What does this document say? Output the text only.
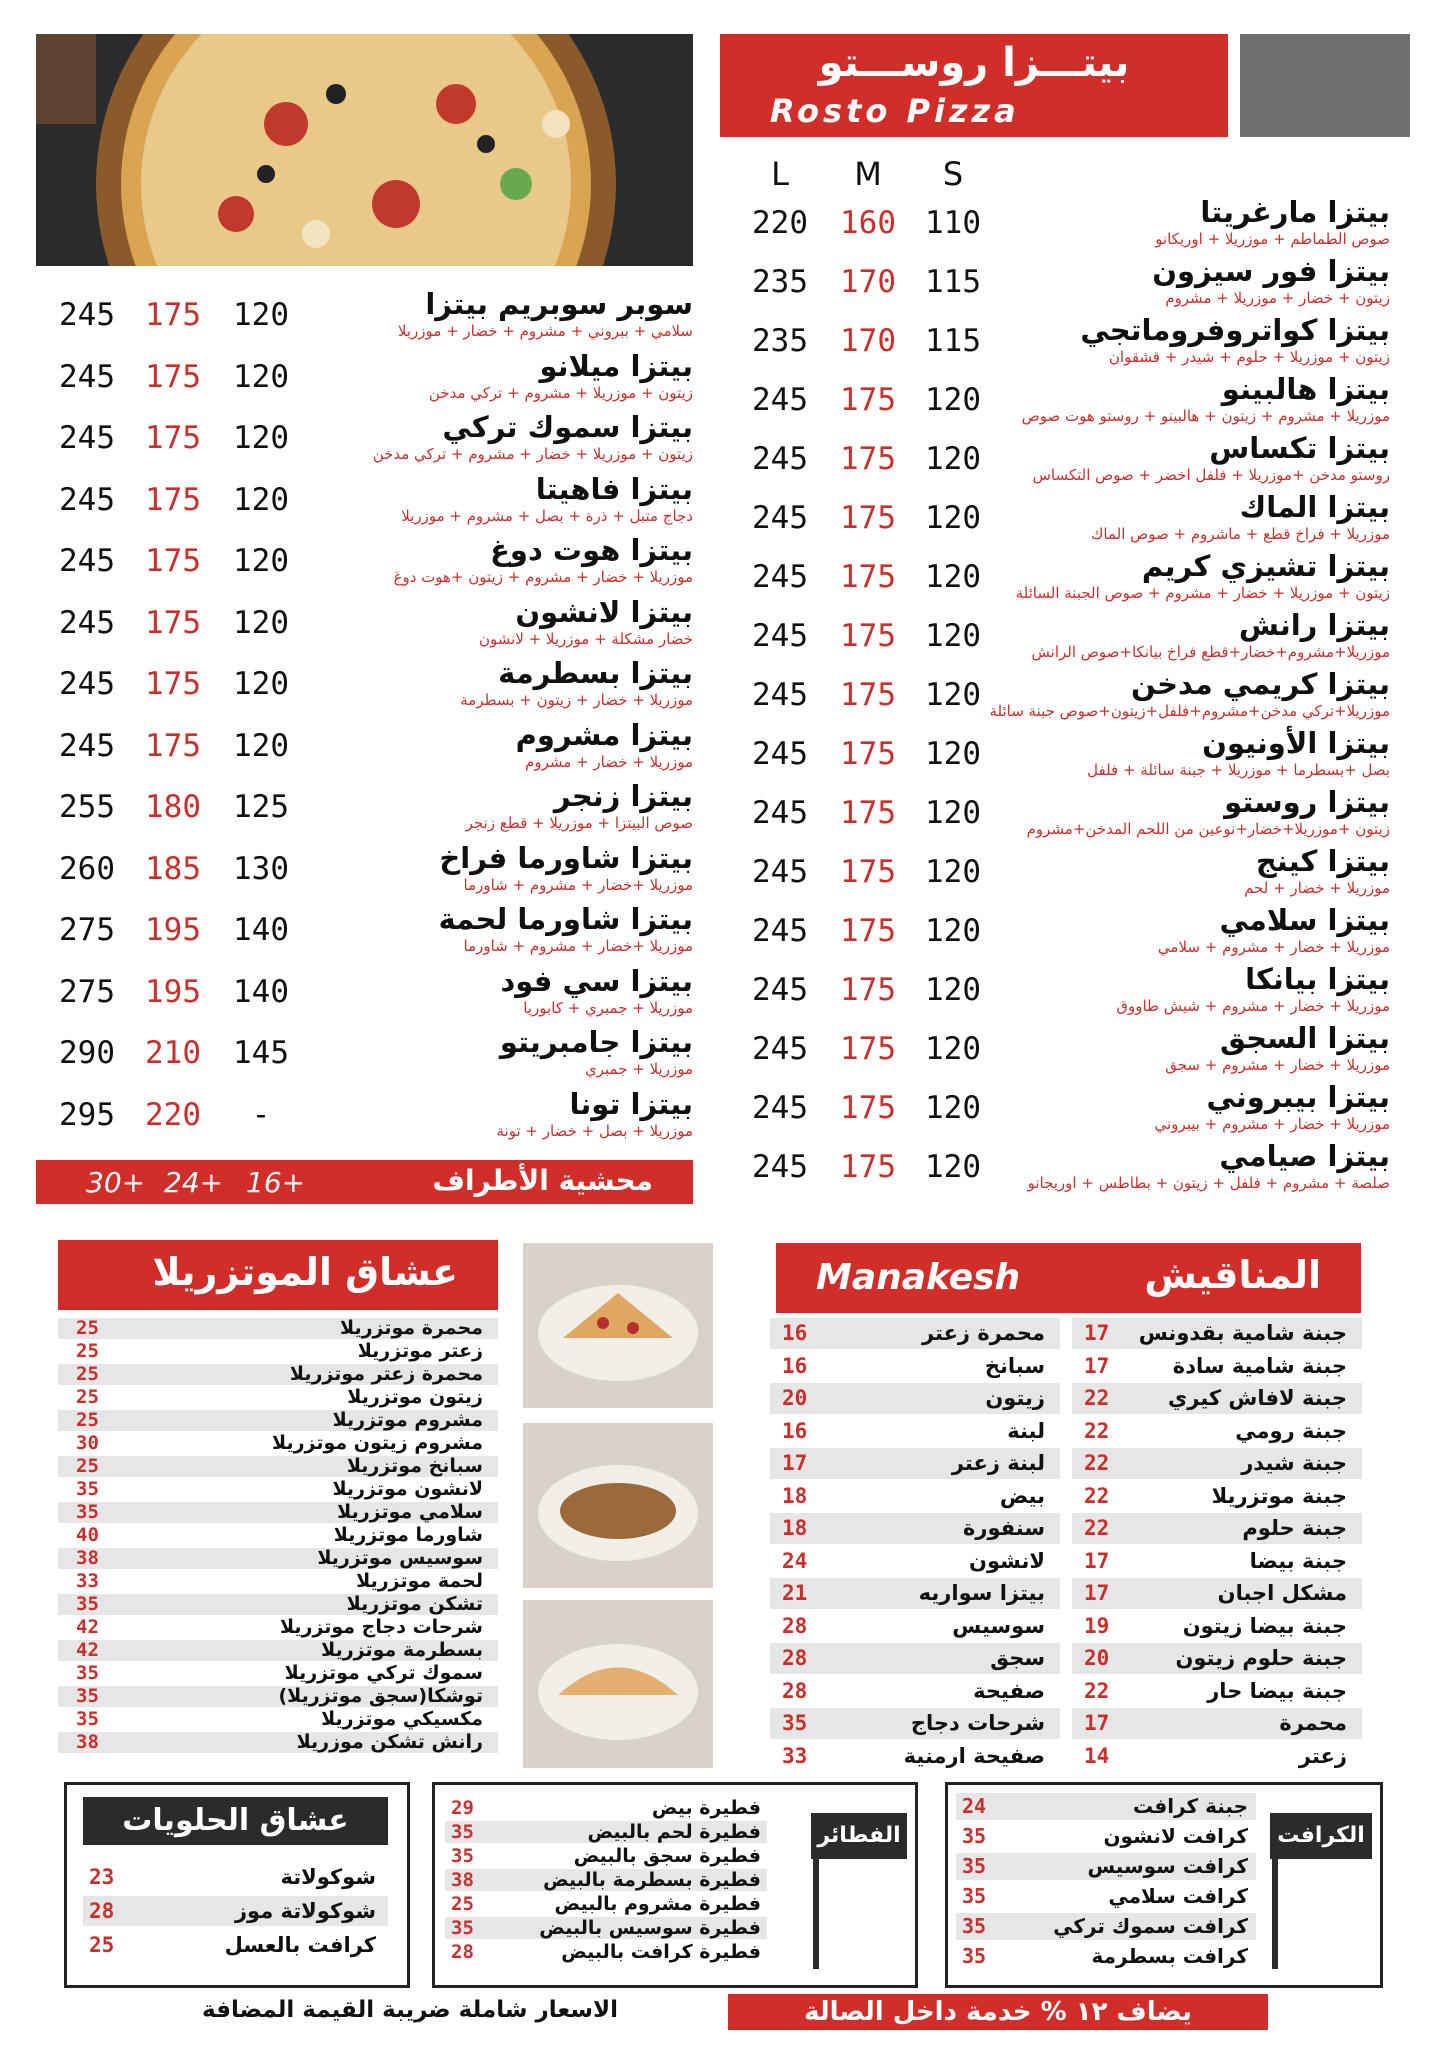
بيتـــزا روســـتو
Rosto Pizza
L	M	S
بيتزا مارغريتا
صوص الطماطم + موزريلا + اوريكانو
220 160 110
بيتزا فور سيزون
زيتون + خضار + موزريلا + مشروم
235 170 115
بيتزا كواتروفروماتجي
زيتون + موزريلا + حلوم + شيدر + قشقوان
235 170 115
بيتزا هالبينو
موزريلا + مشروم + زيتون + هالبينو + روستو هوت صوص
245 175 120
بيتزا تكساس
روستو مدخن +موزريلا + فلفل اخضر + صوص التكساس
245 175 120
بيتزا الماك
موزريلا + فراخ قطع + ماشروم + صوص الماك
245 175 120
بيتزا تشيزي كريم
زيتون + موزريلا + خضار + مشروم + صوص الجبنة السائلة
245 175 120
بيتزا رانش
موزريلا+مشروم+خضار+قطع فراخ بيانكا+صوص الرانش
245 175 120
بيتزا كريمي مدخن
موزريلا+تركي مدخن+مشروم+فلفل+زيتون+صوص جبنة سائلة
245 175 120
بيتزا الأونيون
بصل +بسطرما + موزريلا + جبنة سائلة + فلفل
245 175 120
بيتزا روستو
زيتون +موزريلا+خضار+نوعين من اللحم المدخن+مشروم
245 175 120
بيتزا كينج
موزريلا + خضار + لحم
245 175 120
بيتزا سلامي
موزريلا + خضار + مشروم + سلامي
245 175 120
بيتزا بيانكا
موزريلا + خضار + مشروم + شيش طاووق
245 175 120
بيتزا السجق
موزريلا + خضار + مشروم + سجق
245 175 120
بيتزا بيبروني
موزريلا + خضار + مشروم + بيبروني
245 175 120
بيتزا صيامي
صلصة + مشروم + فلفل + زيتون + بطاطس + اوريجانو
245 175 120
سوبر سوبريم بيتزا
سلامي + ببروني + مشروم + خضار + موزريلا
245 175 120
بيتزا ميلانو
زيتون + موزريلا + مشروم + تركي مدخن
245 175 120
بيتزا سموك تركي
زيتون + موزريلا + خضار + مشروم + تركي مدخن
245 175 120
بيتزا فاهيتا
دجاج متبل + ذرة + بصل + مشروم + موزريلا
245 175 120
بيتزا هوت دوغ
موزريلا + خضار + مشروم + زيتون +هوت دوغ
245 175 120
بيتزا لانشون
خضار مشكلة + موزريلا + لانشون
245 175 120
بيتزا بسطرمة
موزريلا + خضار + زيتون + بسطرمة
245 175 120
بيتزا مشروم
موزريلا + خضار + مشروم
245 175 120
بيتزا زنجر
صوص البيتزا + موزريلا + قطع زنجر
255 180 125
بيتزا شاورما فراخ
موزريلا +خضار + مشروم + شاورما
260 185 130
بيتزا شاورما لحمة
موزريلا +خضار + مشروم + شاورما
275 195 140
بيتزا سي فود
موزريلا + جمبري + كابوريا
275 195 140
بيتزا جامبريتو
موزريلا + جمبري
290 210 145
بيتزا تونا
موزريلا + بصل + خضار + تونة
295 220	-
محشية الأطراف
16+
24+
30+
عشاق الموتزريلا
محمرة موتزريلا
25
زعتر موتزريلا
25
محمرة زعتر موتزريلا
25
زيتون موتزريلا
25
مشروم موتزريلا
25
مشروم زيتون موتزريلا
30
سبانخ موتزريلا
25
لانشون موتزريلا
35
سلامي موتزريلا
35
شاورما موتزريلا
40
سوسيس موتزريلا
38
لحمة موتزريلا
33
تشكن موتزريلا
35
شرحات دجاج موتزريلا
42
بسطرمة موتزريلا
42
سموك تركي موتزريلا
35
توشكا(سجق موتزريلا)
35
مكسيكي موتزريلا
35
رانش تشكن موزريلا
38
المناقيش
Manakesh
جبنة شامية بقدونس
17
جبنة شامية سادة
17
جبنة لافاش كيري
22
جبنة رومي
22
جبنة شيدر
22
جبنة موتزريلا
22
جبنة حلوم
22
جبنة بيضا
17
مشكل اجبان
17
جبنة بيضا زيتون
19
جبنة حلوم زيتون
20
جبنة بيضا حار
22
محمرة
17
زعتر
14
محمرة زعتر
16
سبانخ
16
زيتون
20
لبنة
16
لبنة زعتر
17
بيض
18
سنفورة
18
لانشون
24
بيتزا سواريه
21
سوسيس
28
سجق
28
صفيحة
28
شرحات دجاج
35
صفيحة ارمنية
33
عشاق الحلويات
شوكولاتة
23
شوكولاتة موز
28
كرافت بالعسل
25
الفطائر
فطيرة بيض
29
فطيرة لحم بالبيض
35
فطيرة سجق بالبيض
35
فطيرة بسطرمة بالبيض
38
فطيرة مشروم بالبيض
25
فطيرة سوسيس بالبيض
35
فطيرة كرافت بالبيض
28
الكرافت
جبنة كرافت
24
كرافت لانشون
35
كرافت سوسيس
35
كرافت سلامي
35
كرافت سموك تركي
35
كرافت بسطرمة
35
الاسعار شاملة ضريبة القيمة المضافة	يضاف ١٢ % خدمة داخل الصالة
